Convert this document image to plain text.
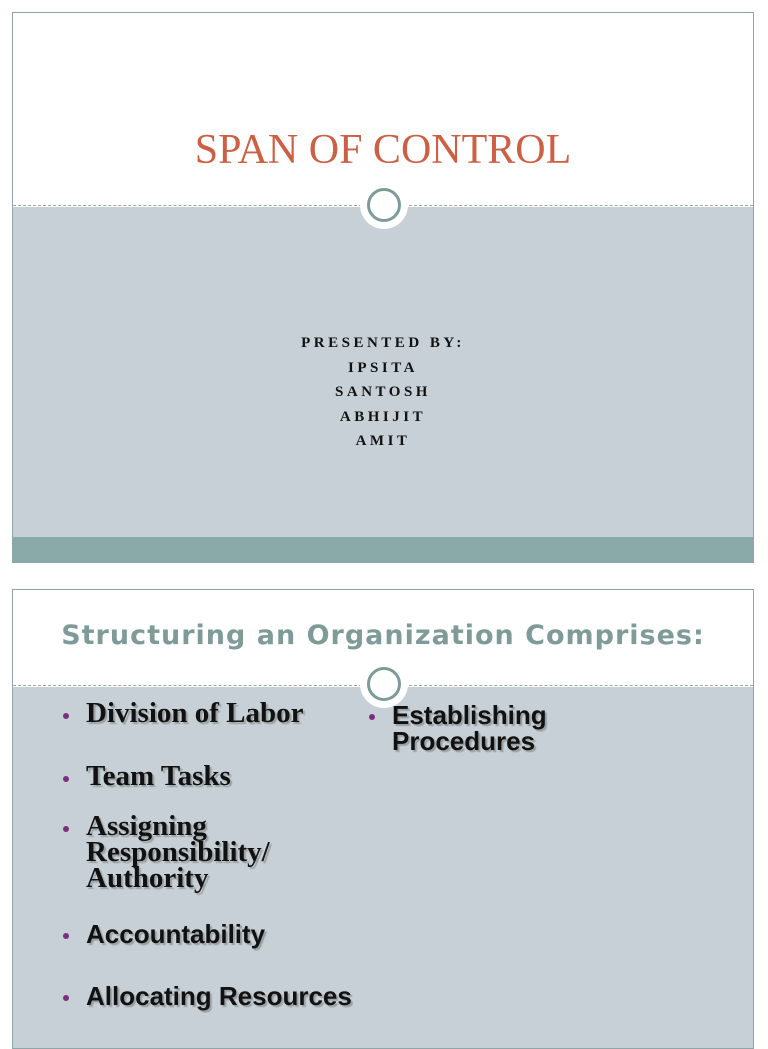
SPAN OF CONTROL
PRESENTED BY:
IPSITA
SANTOSH
ABHIJIT
AMIT
Structuring an Organization Comprises:
Division of Labor
Team Tasks
Assigning Responsibility/ Authority
Accountability
Allocating Resources
Establishing Procedures
